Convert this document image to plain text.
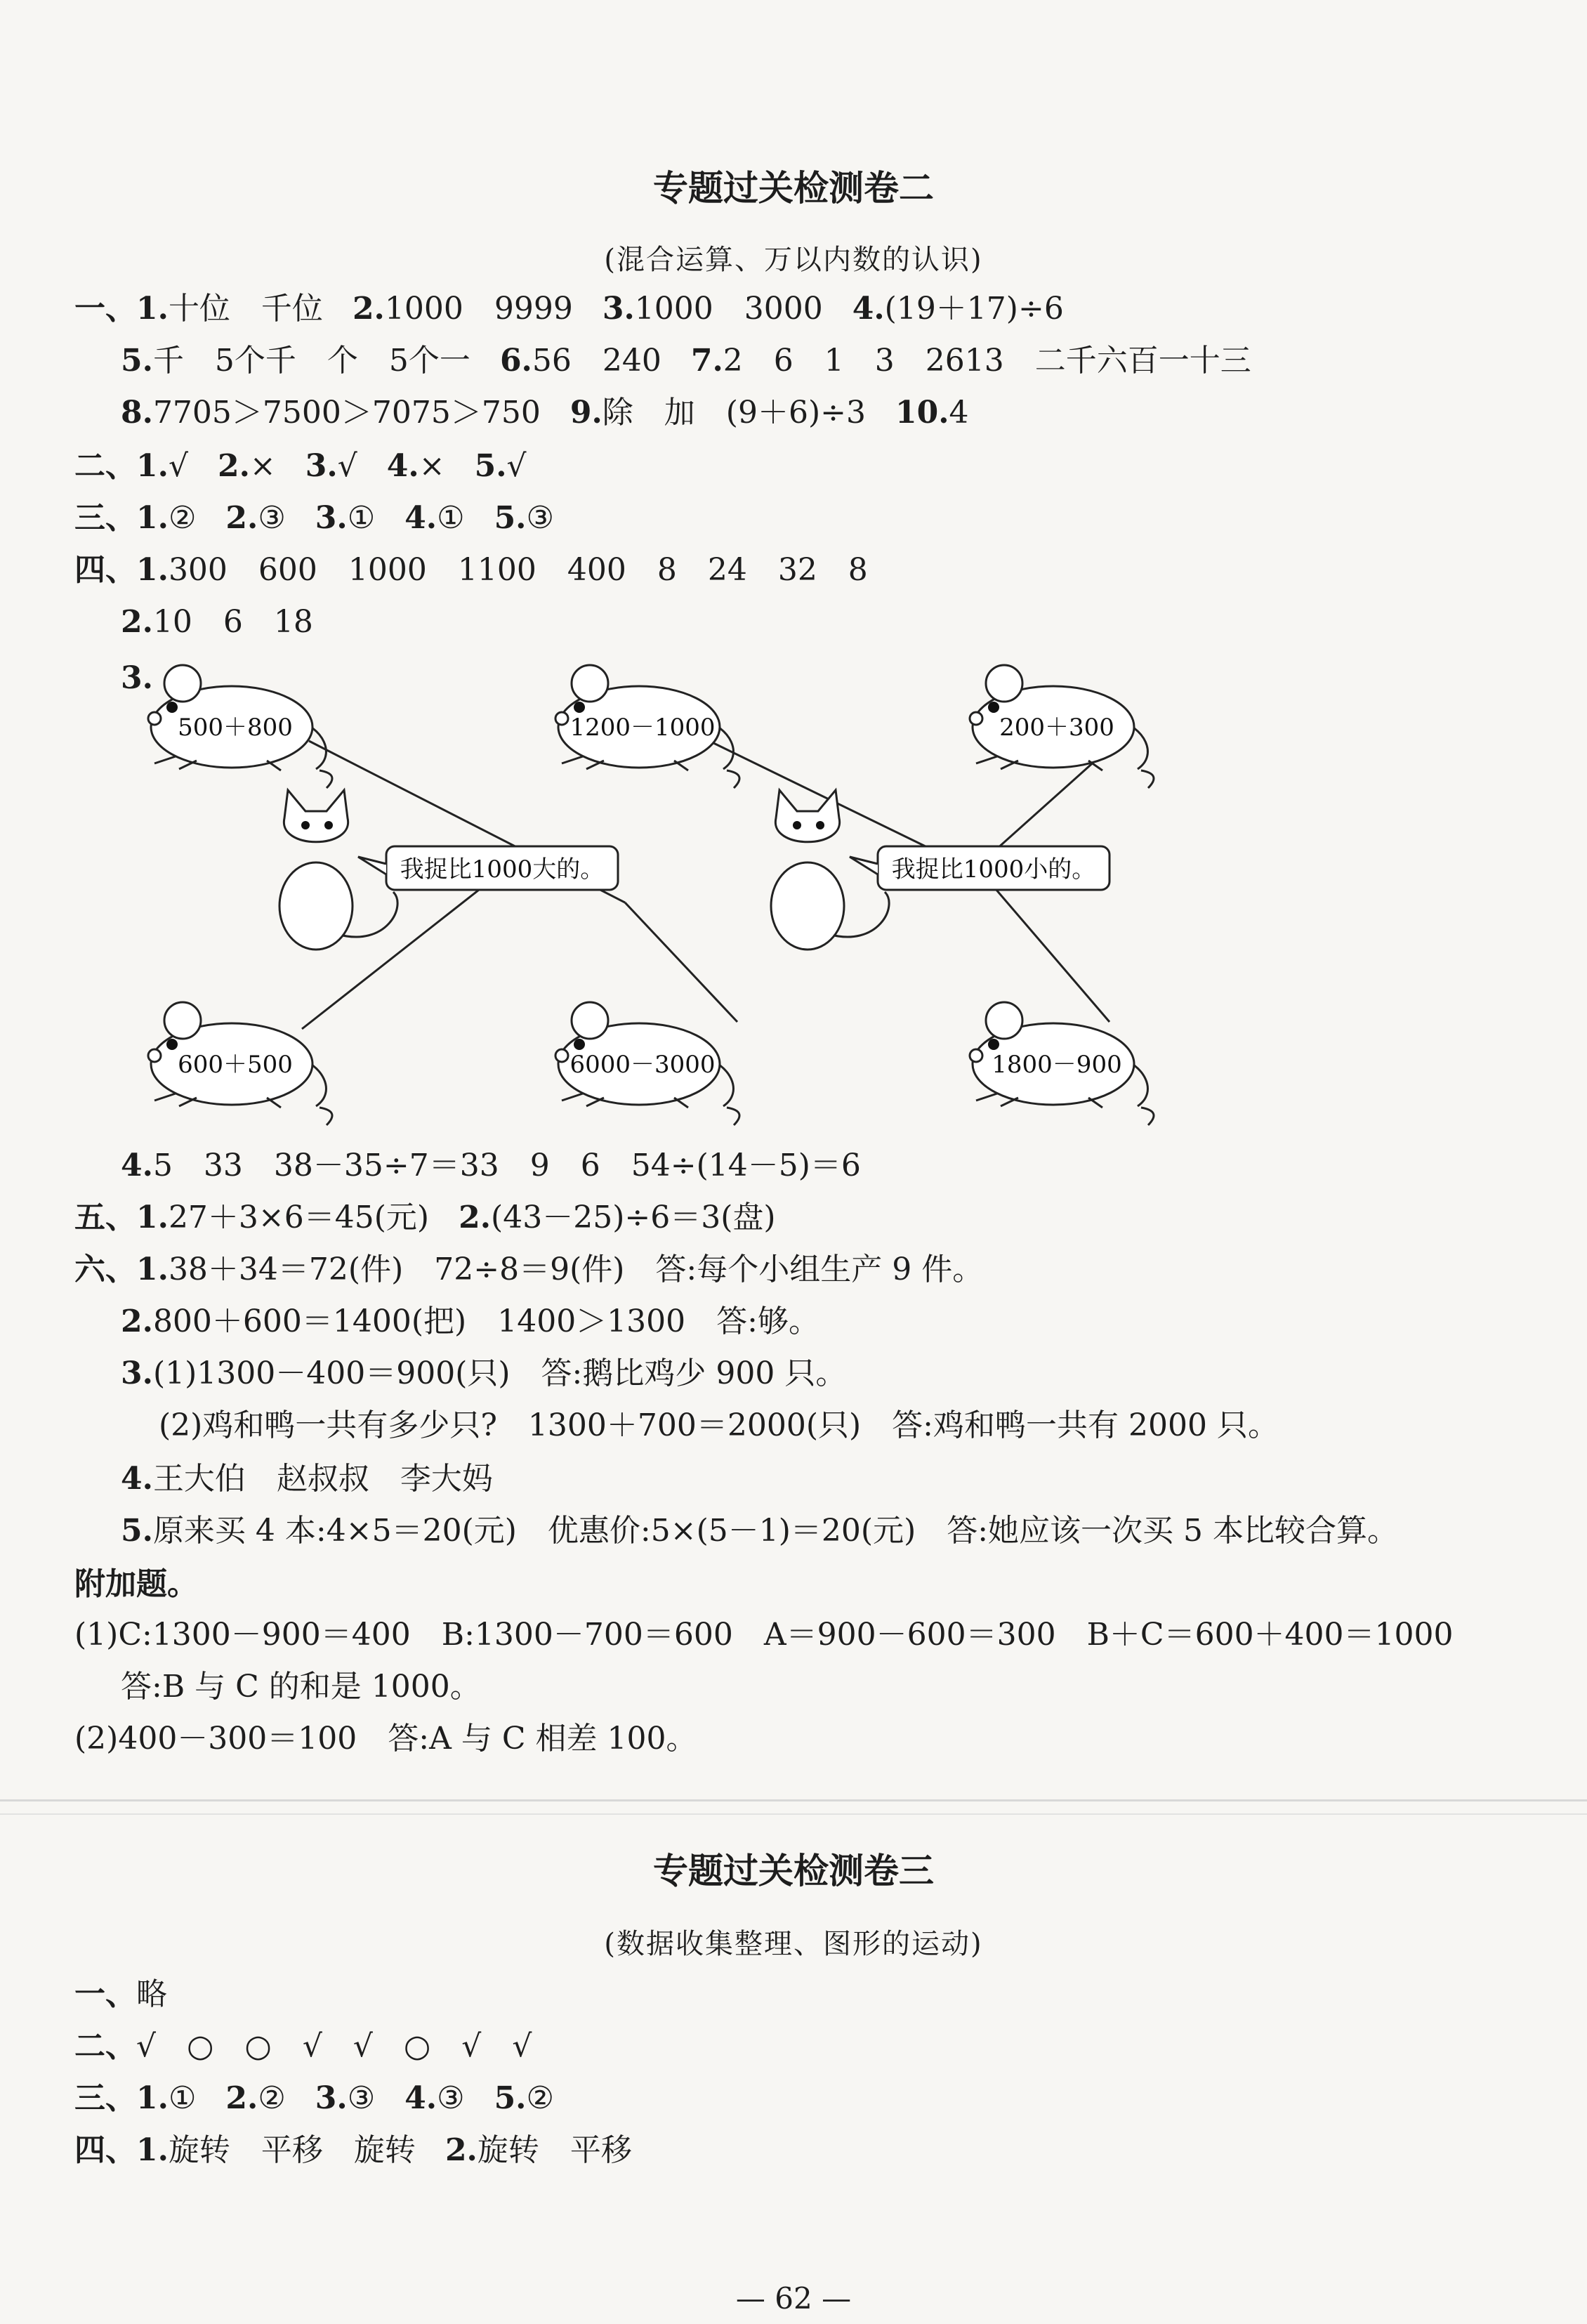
专题过关检测卷二
(混合运算、万以内数的认识)
一、1.十位　千位 2.1000　9999 3.1000　3000 4.(19＋17)÷6
5.千　5个千　个　5个一 6.56　240 7.2　6　1　3　2613　二千六百一十三
8.7705＞7500＞7075＞750 9.除　加　(9＋6)÷3 10.4
二、1.√ 2.× 3.√ 4.× 5.√
三、1.② 2.③ 3.① 4.① 5.③
四、1.300　600　1000　1100　400　8　24　32　8
2.10　6　18
3.
500＋800	1200－1000	200＋300
600＋500	6000－3000	1800－900
我捉比1000大的。	我捉比1000小的。
4.5　33　38－35÷7＝33　9　6　54÷(14－5)＝6
五、1.27＋3×6＝45(元) 2.(43－25)÷6＝3(盘)
六、1.38＋34＝72(件)　72÷8＝9(件)　答:每个小组生产 9 件。
2.800＋600＝1400(把)　1400＞1300　答:够。
3.(1)1300－400＝900(只)　答:鹅比鸡少 900 只。
(2)鸡和鸭一共有多少只?　1300＋700＝2000(只)　答:鸡和鸭一共有 2000 只。
4.王大伯　赵叔叔　李大妈
5.原来买 4 本:4×5＝20(元)　优惠价:5×(5－1)＝20(元)　答:她应该一次买 5 本比较合算。
附加题。
(1)C:1300－900＝400　B:1300－700＝600　A＝900－600＝300　B＋C＝600＋400＝1000
答:B 与 C 的和是 1000。
(2)400－300＝100　答:A 与 C 相差 100。
专题过关检测卷三
(数据收集整理、图形的运动)
一、略
二、√　○　○　√　√　○　√　√
三、1.① 2.② 3.③ 4.③ 5.②
四、1.旋转　平移　旋转 2.旋转　平移
— 62 —
